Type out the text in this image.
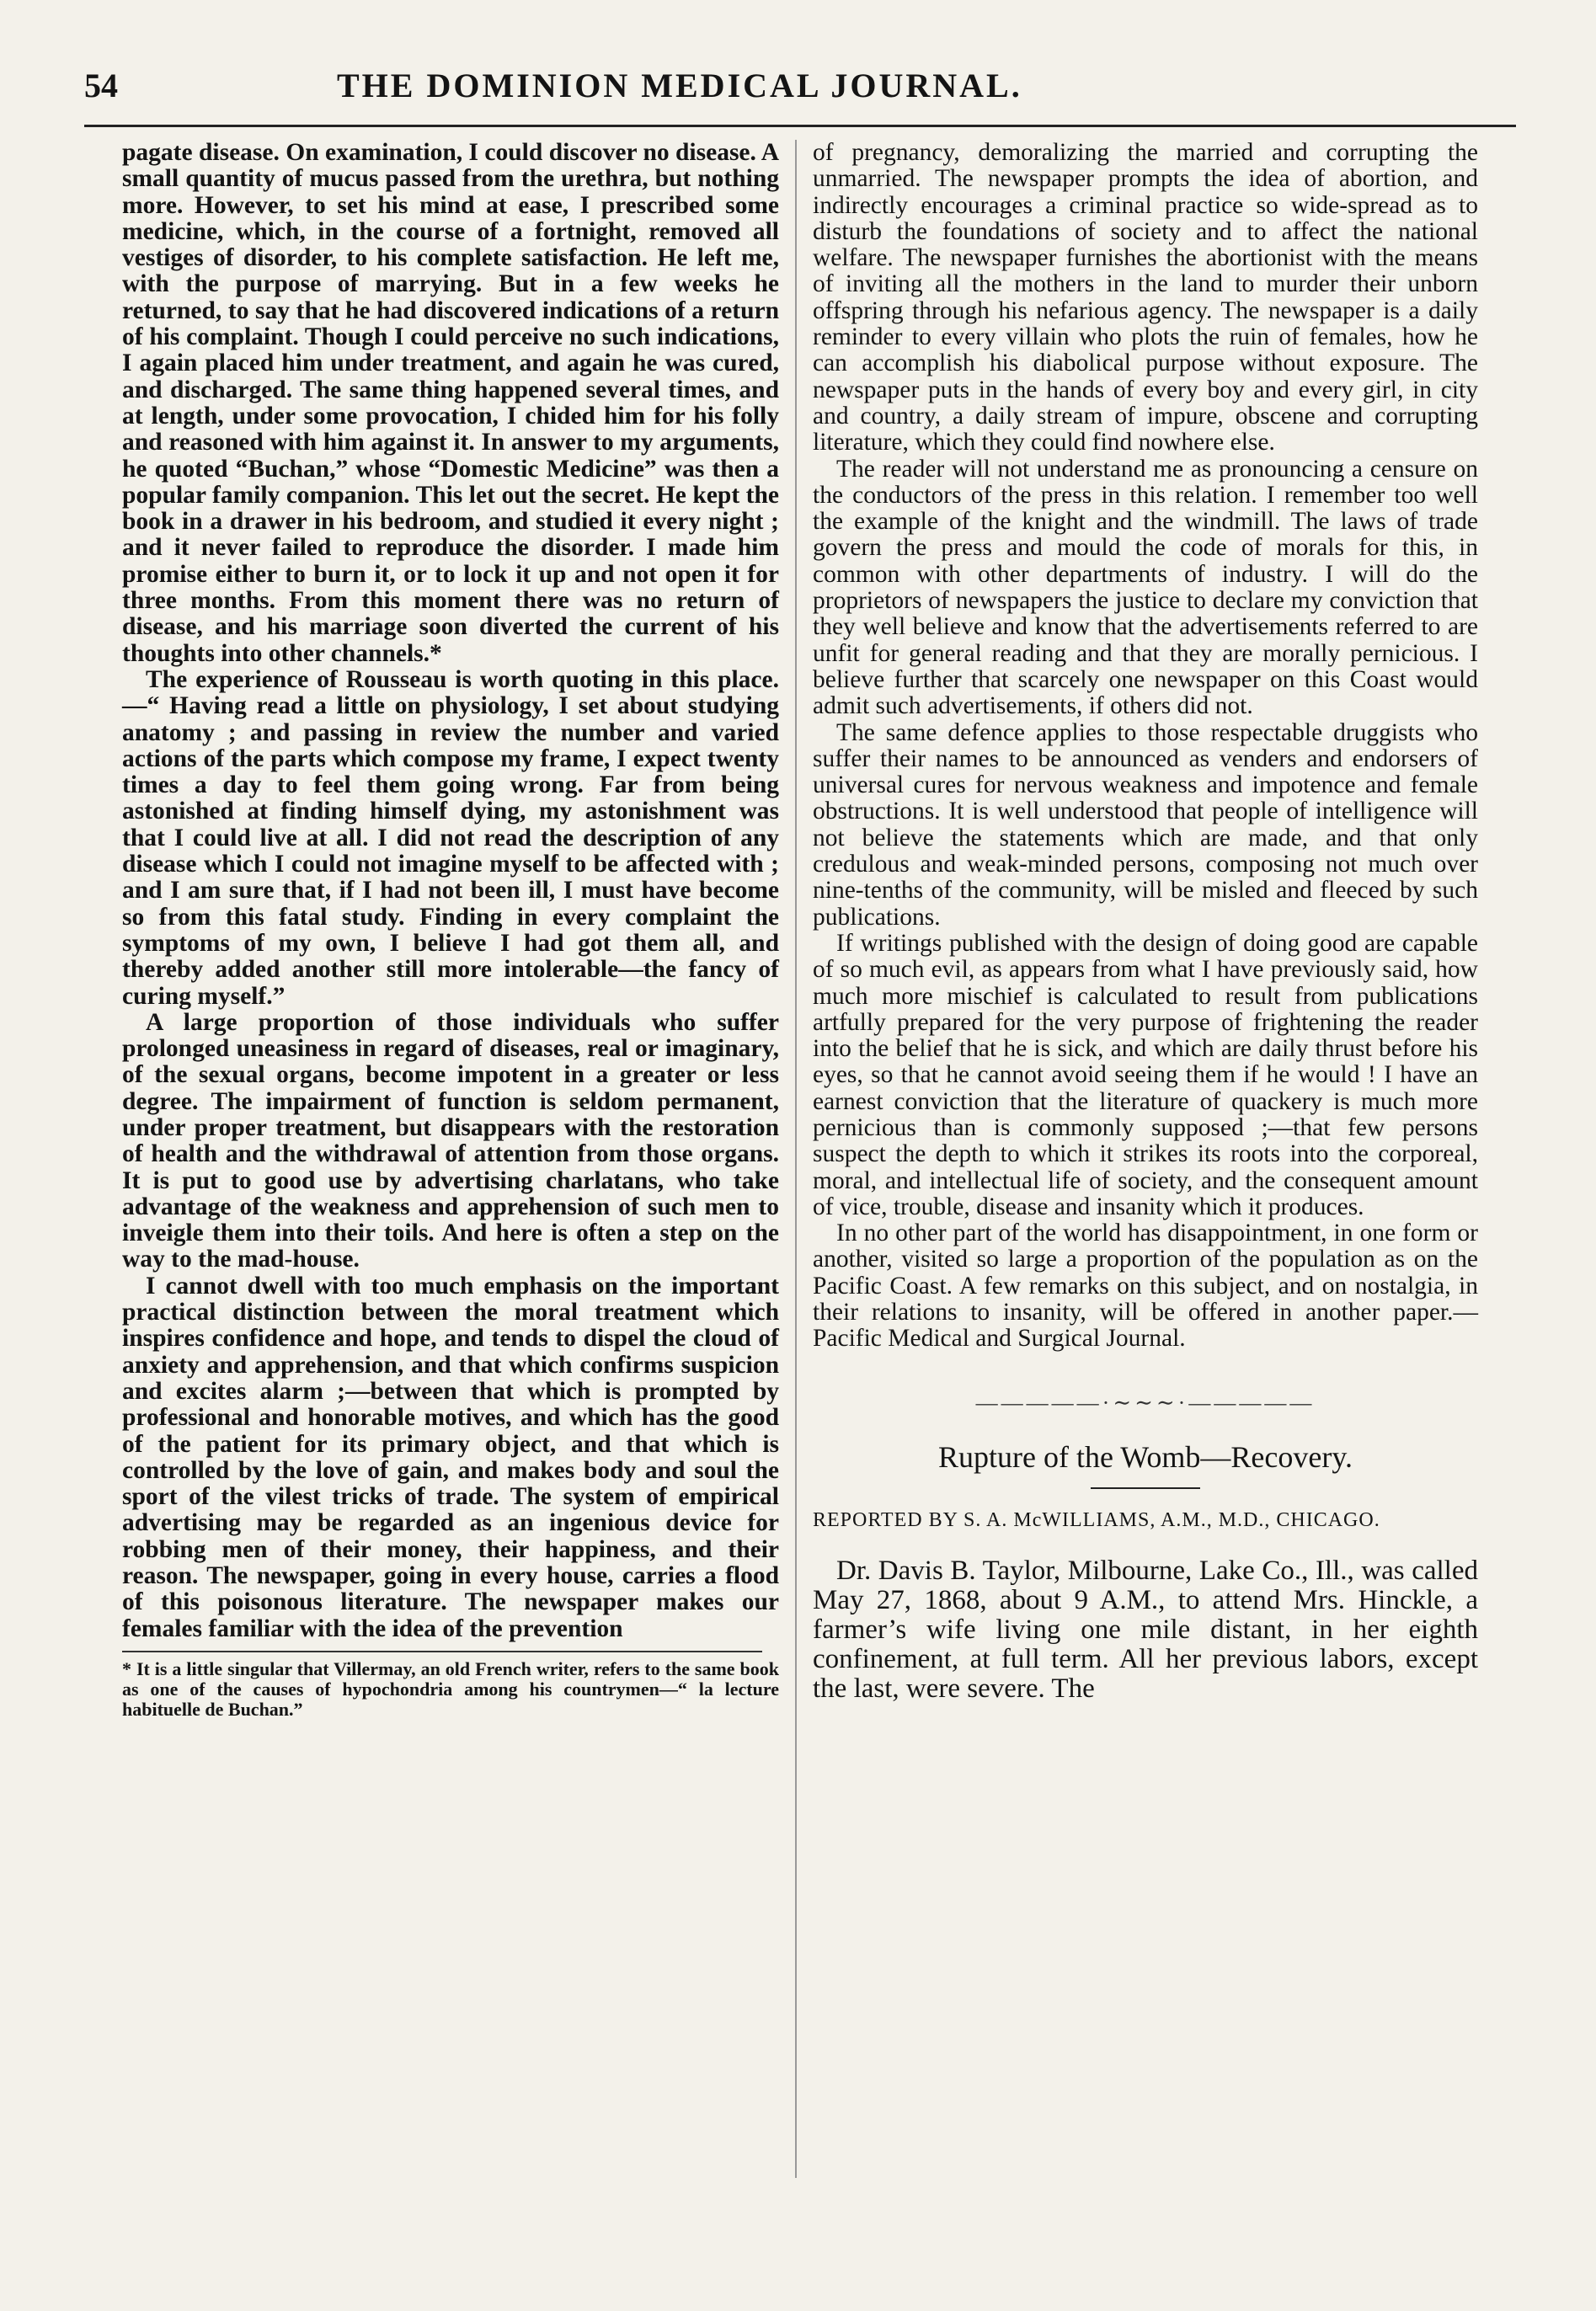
54	THE DOMINION MEDICAL JOURNAL.

pagate disease. On examination, I could discover no disease. A small quantity of mucus passed from the urethra, but nothing more. However, to set his mind at ease, I prescribed some medicine, which, in the course of a fortnight, removed all vestiges of disorder, to his complete satisfaction. He left me, with the purpose of marrying. But in a few weeks he returned, to say that he had discovered indications of a return of his complaint. Though I could perceive no such indications, I again placed him under treatment, and again he was cured, and discharged. The same thing happened several times, and at length, under some provocation, I chided him for his folly and reasoned with him against it. In answer to my arguments, he quoted “Buchan,” whose “Domestic Medicine” was then a popular family companion. This let out the secret. He kept the book in a drawer in his bedroom, and studied it every night ; and it never failed to reproduce the disorder. I made him promise either to burn it, or to lock it up and not open it for three months. From this moment there was no return of disease, and his marriage soon diverted the current of his thoughts into other channels.*

The experience of Rousseau is worth quoting in this place.—“ Having read a little on physiology, I set about studying anatomy ; and passing in review the number and varied actions of the parts which compose my frame, I expect twenty times a day to feel them going wrong. Far from being astonished at finding himself dying, my astonishment was that I could live at all. I did not read the description of any disease which I could not imagine myself to be affected with ; and I am sure that, if I had not been ill, I must have become so from this fatal study. Finding in every complaint the symptoms of my own, I believe I had got them all, and thereby added another still more intolerable—the fancy of curing myself.”

A large proportion of those individuals who suffer prolonged uneasiness in regard of diseases, real or imaginary, of the sexual organs, become impotent in a greater or less degree. The impairment of function is seldom permanent, under proper treatment, but disappears with the restoration of health and the withdrawal of attention from those organs. It is put to good use by advertising charlatans, who take advantage of the weakness and apprehension of such men to inveigle them into their toils. And here is often a step on the way to the mad-house.

I cannot dwell with too much emphasis on the important practical distinction between the moral treatment which inspires confidence and hope, and tends to dispel the cloud of anxiety and apprehension, and that which confirms suspicion and excites alarm ;—between that which is prompted by professional and honorable motives, and which has the good of the patient for its primary object, and that which is controlled by the love of gain, and makes body and soul the sport of the vilest tricks of trade. The system of empirical advertising may be regarded as an ingenious device for robbing men of their money, their happiness, and their reason. The newspaper, going in every house, carries a flood of this poisonous literature. The newspaper makes our females familiar with the idea of the prevention

* It is a little singular that Villermay, an old French writer, refers to the same book as one of the causes of hypochondria among his countrymen—“ la lecture habituelle de Buchan.”

of pregnancy, demoralizing the married and corrupting the unmarried. The newspaper prompts the idea of abortion, and indirectly encourages a criminal practice so wide-spread as to disturb the foundations of society and to affect the national welfare. The newspaper furnishes the abortionist with the means of inviting all the mothers in the land to murder their unborn offspring through his nefarious agency. The newspaper is a daily reminder to every villain who plots the ruin of females, how he can accomplish his diabolical purpose without exposure. The newspaper puts in the hands of every boy and every girl, in city and country, a daily stream of impure, obscene and corrupting literature, which they could find nowhere else.

The reader will not understand me as pronouncing a censure on the conductors of the press in this relation. I remember too well the example of the knight and the windmill. The laws of trade govern the press and mould the code of morals for this, in common with other departments of industry. I will do the proprietors of newspapers the justice to declare my conviction that they well believe and know that the advertisements referred to are unfit for general reading and that they are morally pernicious. I believe further that scarcely one newspaper on this Coast would admit such advertisements, if others did not.

The same defence applies to those respectable druggists who suffer their names to be announced as venders and endorsers of universal cures for nervous weakness and impotence and female obstructions. It is well understood that people of intelligence will not believe the statements which are made, and that only credulous and weak-minded persons, composing not much over nine-tenths of the community, will be misled and fleeced by such publications.

If writings published with the design of doing good are capable of so much evil, as appears from what I have previously said, how much more mischief is calculated to result from publications artfully prepared for the very purpose of frightening the reader into the belief that he is sick, and which are daily thrust before his eyes, so that he cannot avoid seeing them if he would ! I have an earnest conviction that the literature of quackery is much more pernicious than is commonly supposed ;—that few persons suspect the depth to which it strikes its roots into the corporeal, moral, and intellectual life of society, and the consequent amount of vice, trouble, disease and insanity which it produces.

In no other part of the world has disappointment, in one form or another, visited so large a proportion of the population as on the Pacific Coast. A few remarks on this subject, and on nostalgia, in their relations to insanity, will be offered in another paper.—Pacific Medical and Surgical Journal.

—————·∼∼∼·—————
Rupture of the Womb—Recovery.
REPORTED BY S. A. McWILLIAMS, A.M., M.D., CHICAGO.

Dr. Davis B. Taylor, Milbourne, Lake Co., Ill., was called May 27, 1868, about 9 A.M., to attend Mrs. Hinckle, a farmer’s wife living one mile distant, in her eighth confinement, at full term. All her previous labors, except the last, were severe. The
